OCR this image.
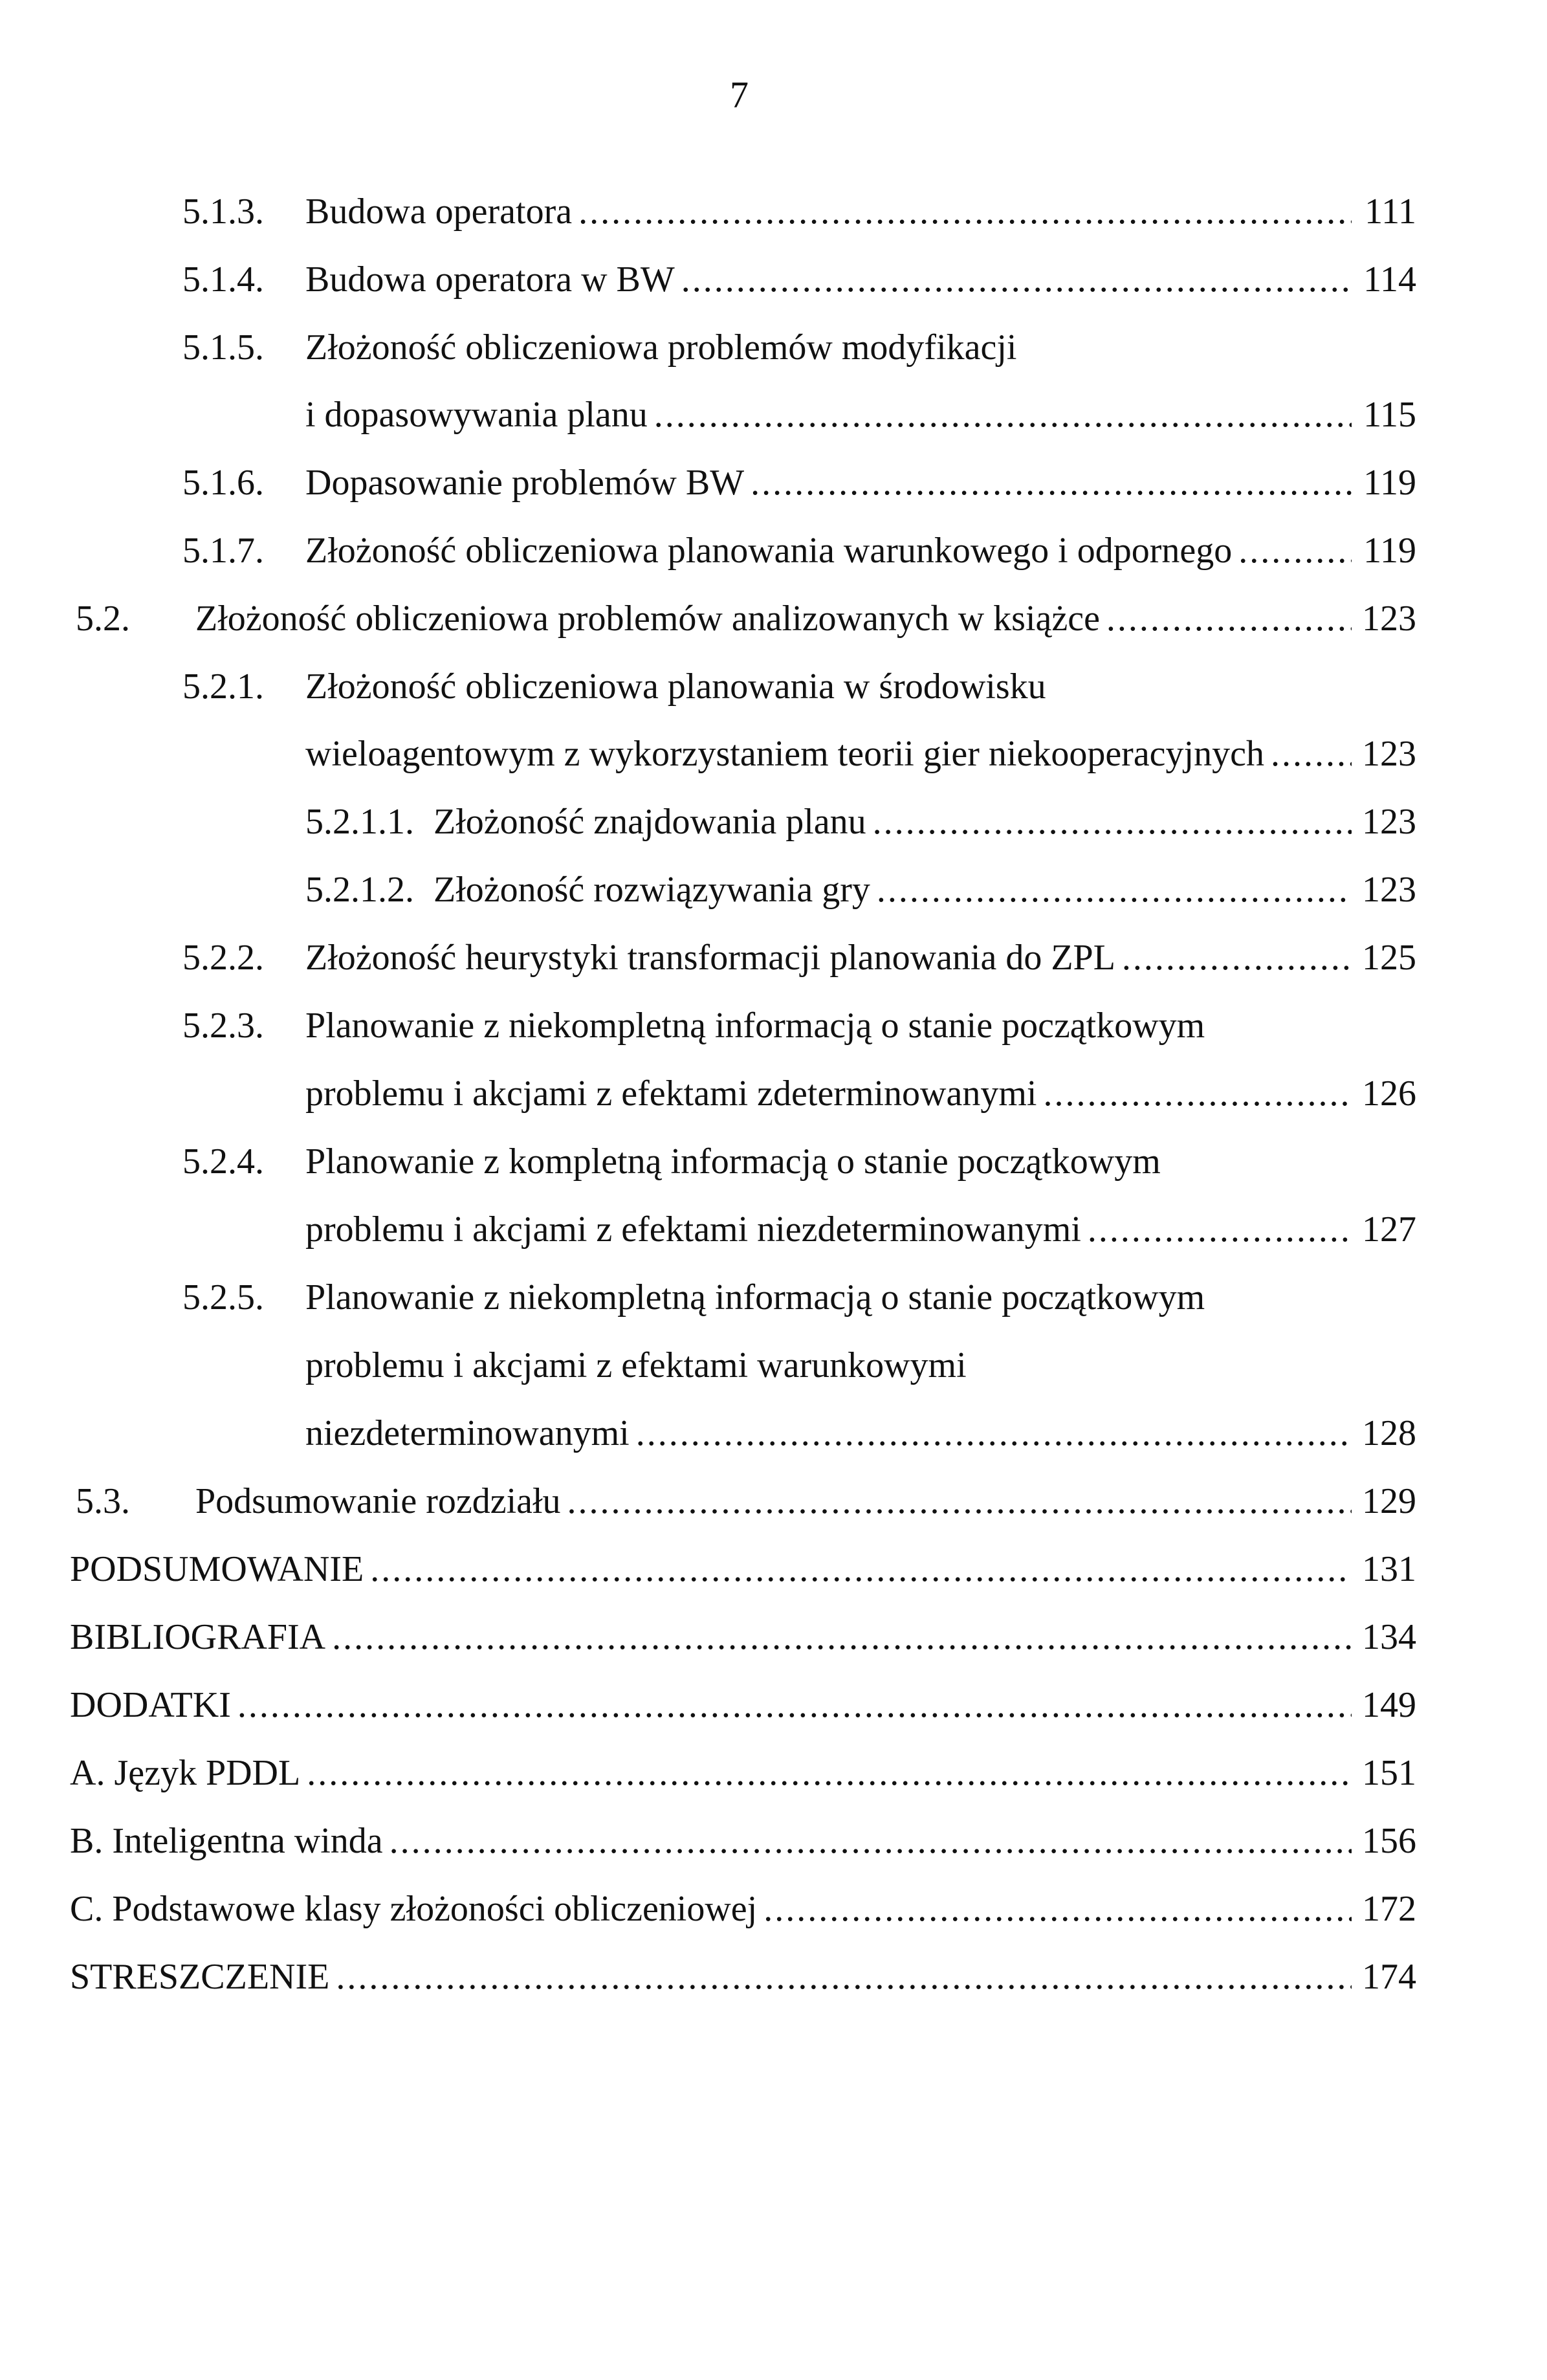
7
5.1.3.	Budowa operatora .....	111
5.1.4.	Budowa operatora w BW .....	114
5.1.5.	Złożoność obliczeniowa problemów modyfikacji
i dopasowywania planu .....	115
5.1.6.	Dopasowanie problemów BW .....	119
5.1.7.	Złożoność obliczeniowa planowania warunkowego i odpornego .....	119
5.2.	Złożoność obliczeniowa problemów analizowanych w książce .....	123
5.2.1.	Złożoność obliczeniowa planowania w środowisku
wieloagentowym z wykorzystaniem teorii gier niekooperacyjnych .....	123
5.2.1.1. Złożoność znajdowania planu .....	123
5.2.1.2. Złożoność rozwiązywania gry .....	123
5.2.2.	Złożoność heurystyki transformacji planowania do ZPL .....	125
5.2.3.	Planowanie z niekompletną informacją o stanie początkowym
problemu i akcjami z efektami zdeterminowanymi .....	126
5.2.4.	Planowanie z kompletną informacją o stanie początkowym
problemu i akcjami z efektami niezdeterminowanymi .....	127
5.2.5.	Planowanie z niekompletną informacją o stanie początkowym
problemu i akcjami z efektami warunkowymi
niezdeterminowanymi .....	128
5.3.	Podsumowanie rozdziału .....	129
PODSUMOWANIE .....	131
BIBLIOGRAFIA .....	134
DODATKI .....	149
A. Język PDDL .....	151
B. Inteligentna winda .....	156
C. Podstawowe klasy złożoności obliczeniowej .....	172
STRESZCZENIE .....	174
